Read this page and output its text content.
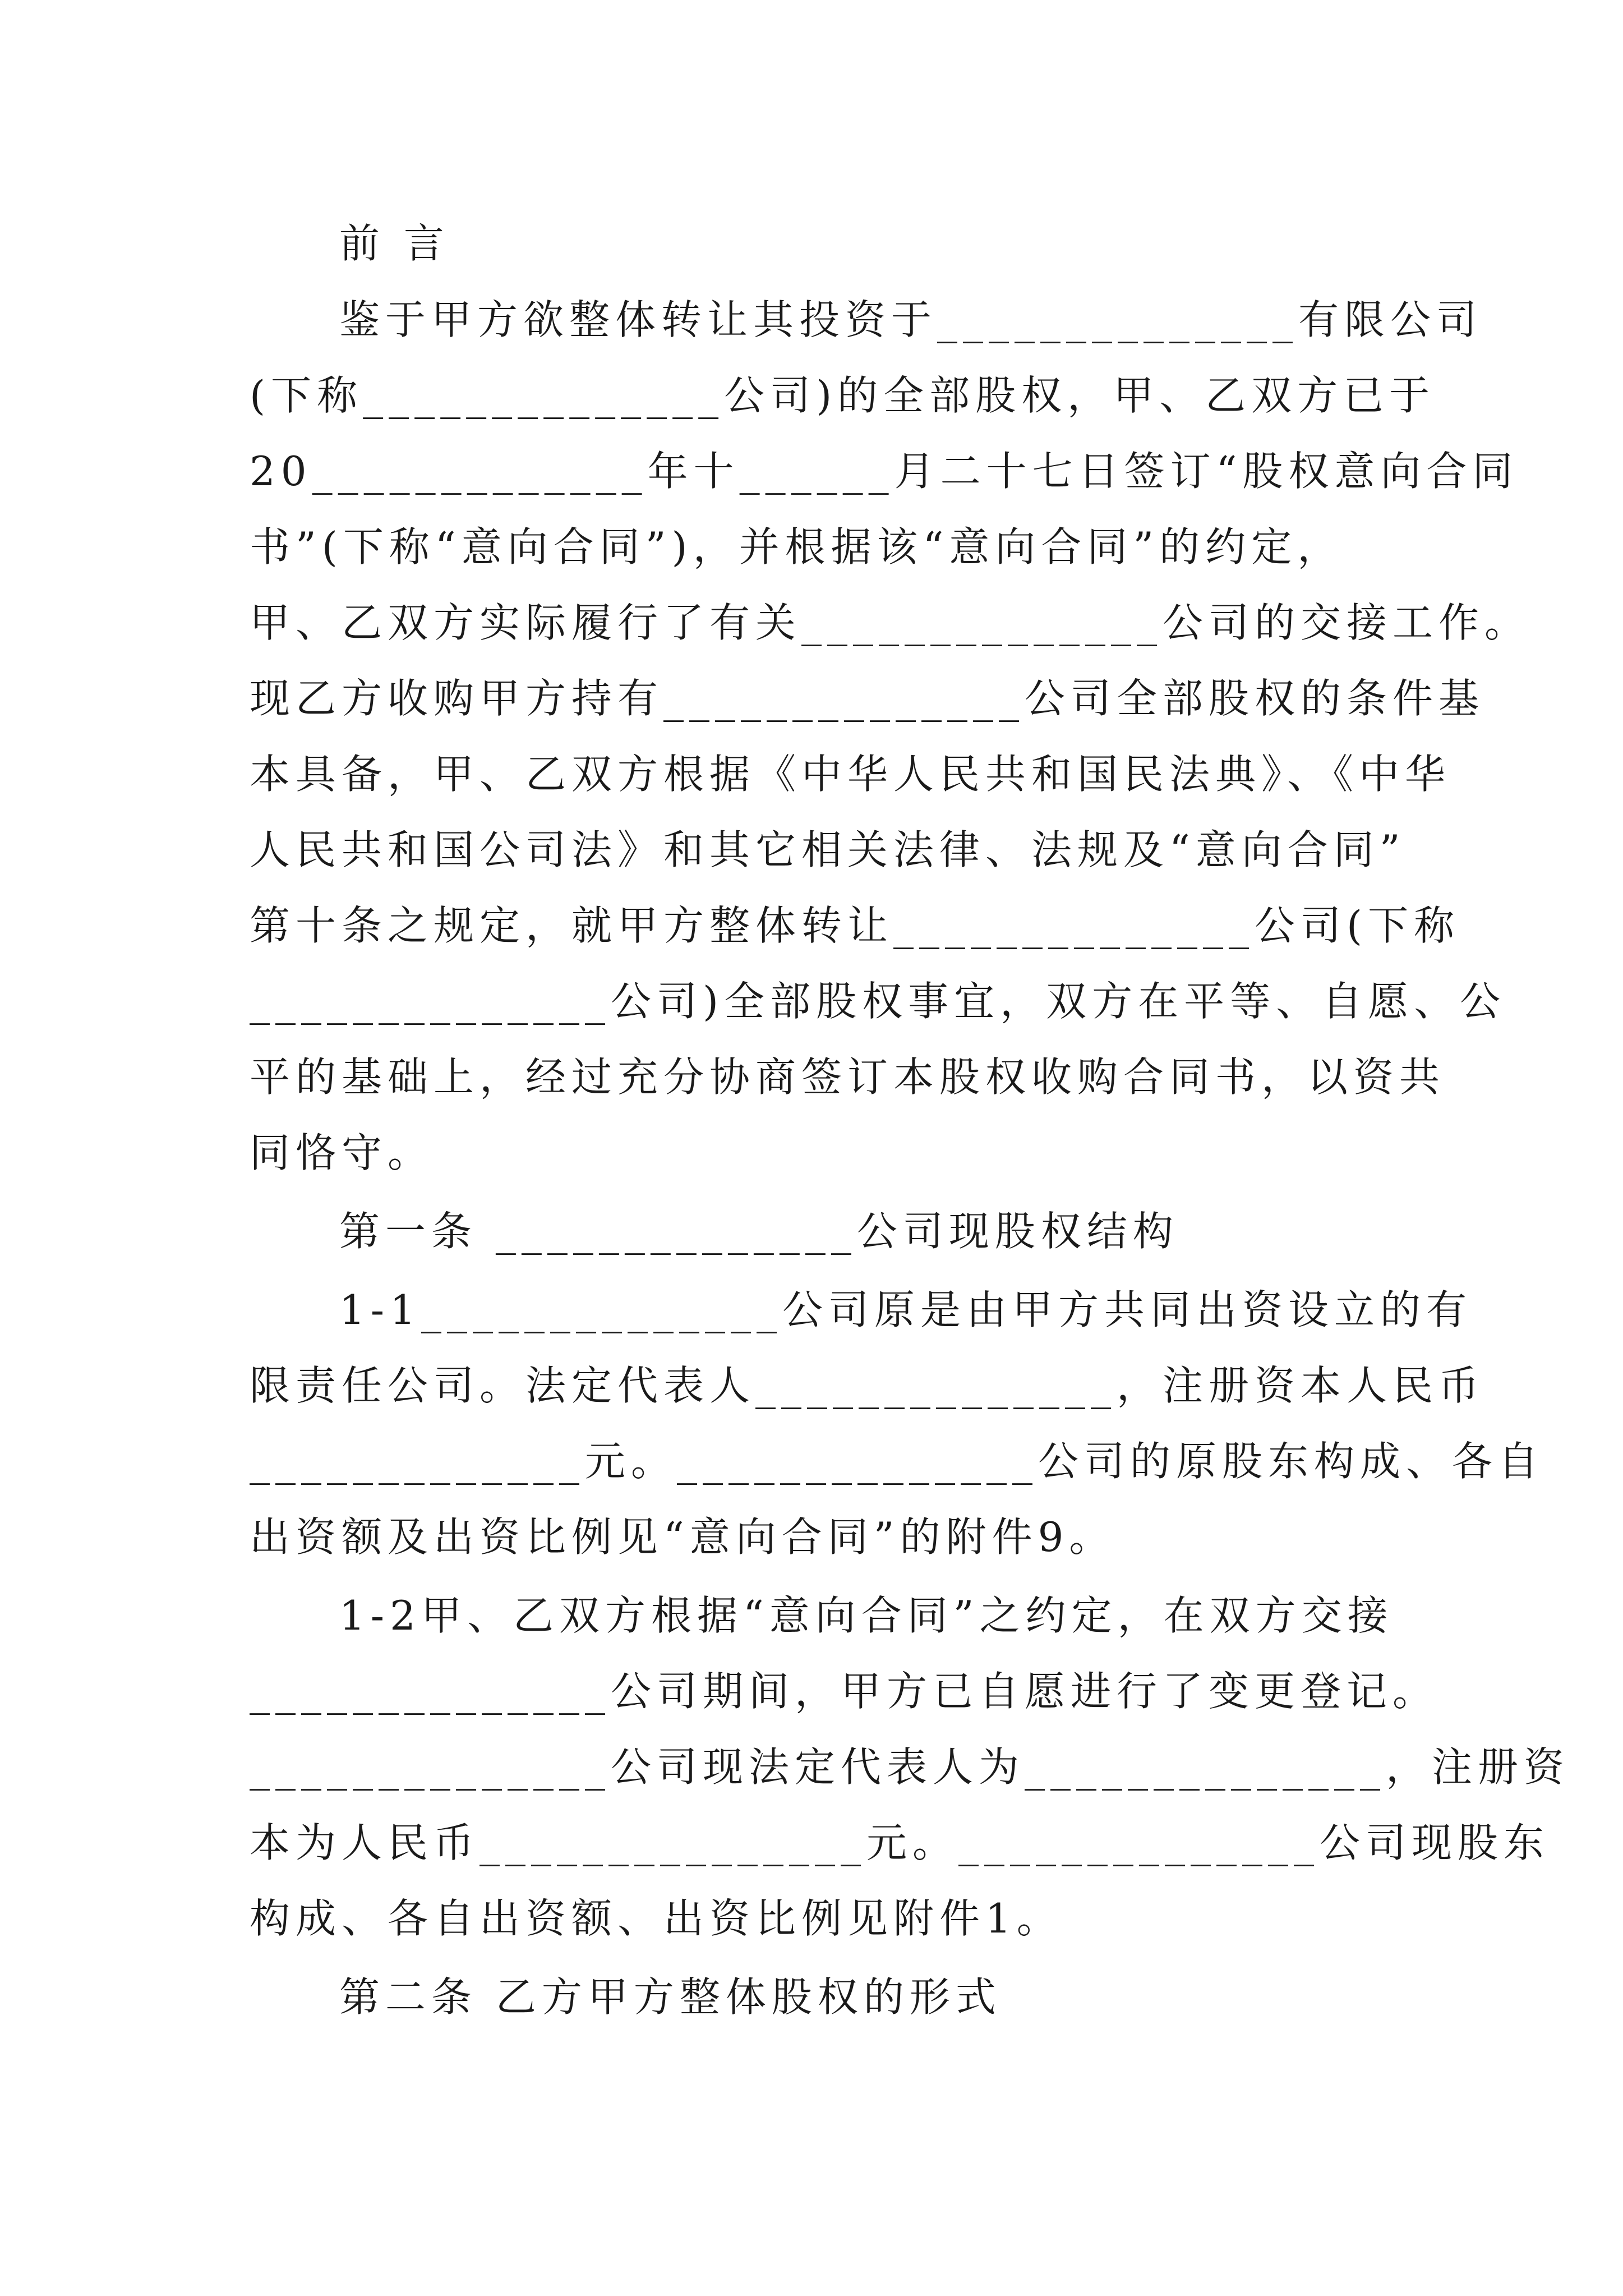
前 言
鉴于甲方欲整体转让其投资于______________有限公司
(下称______________公司)的全部股权，甲、乙双方已于
20_____________年十______月二十七日签订“股权意向合同
书”(下称“意向合同”)，并根据该“意向合同”的约定，
甲、乙双方实际履行了有关______________公司的交接工作。
现乙方收购甲方持有______________公司全部股权的条件基
本具备，甲、乙双方根据《中华人民共和国民法典》、《中华
人民共和国公司法》和其它相关法律、法规及“意向合同”
第十条之规定，就甲方整体转让______________公司(下称
______________公司)全部股权事宜，双方在平等、自愿、公
平的基础上，经过充分协商签订本股权收购合同书，以资共
同恪守。
第一条 ______________公司现股权结构
1-1______________公司原是由甲方共同出资设立的有
限责任公司。法定代表人______________，注册资本人民币
_____________元。______________公司的原股东构成、各自
出资额及出资比例见“意向合同”的附件9。
1-2甲、乙双方根据“意向合同”之约定，在双方交接
______________公司期间，甲方已自愿进行了变更登记。
______________公司现法定代表人为______________，注册资
本为人民币_______________元。______________公司现股东
构成、各自出资额、出资比例见附件1。
第二条 乙方甲方整体股权的形式
